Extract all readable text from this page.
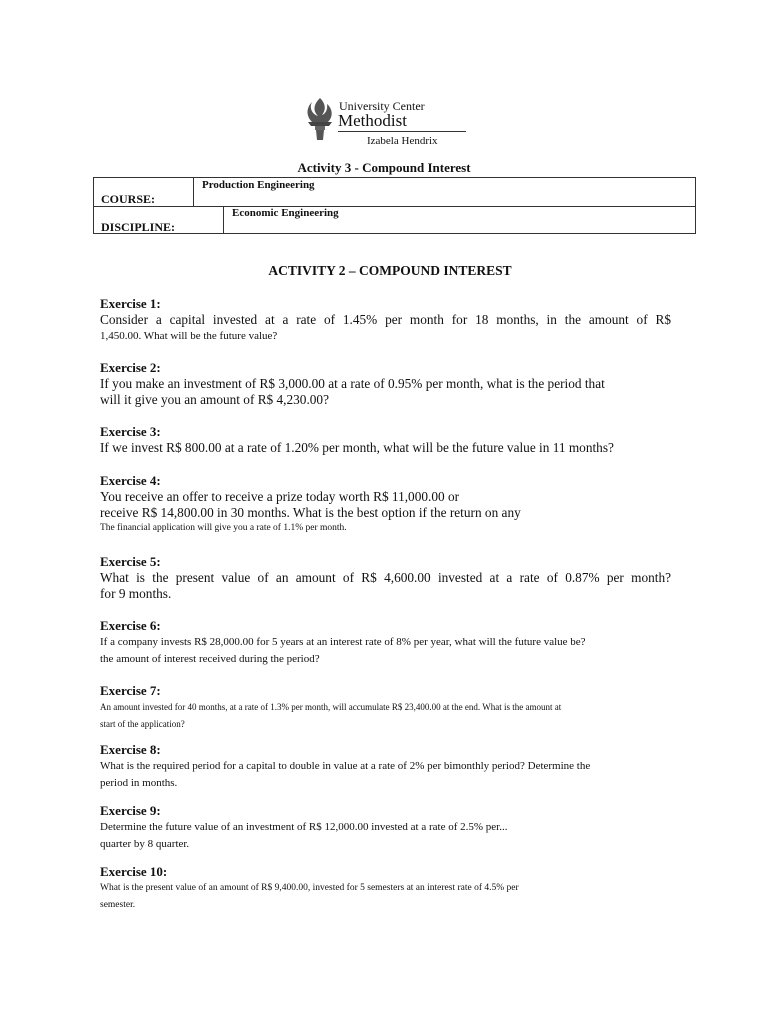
University Center
Methodist
Izabela Hendrix
Activity 3 - Compound Interest
COURSE:
Production Engineering
DISCIPLINE:
Economic Engineering
ACTIVITY 2 – COMPOUND INTEREST
Exercise 1:

Consider a capital invested at a rate of 1.45% per month for 18 months, in the amount of R$

1,450.00. What will be the future value?

Exercise 2:

If you make an investment of R$ 3,000.00 at a rate of 0.95% per month, what is the period that

will it give you an amount of R$ 4,230.00?

Exercise 3:

If we invest R$ 800.00 at a rate of 1.20% per month, what will be the future value in 11 months?

Exercise 4:

You receive an offer to receive a prize today worth R$ 11,000.00 or

receive R$ 14,800.00 in 30 months. What is the best option if the return on any

The financial application will give you a rate of 1.1% per month.

Exercise 5:

What is the present value of an amount of R$ 4,600.00 invested at a rate of 0.87% per month?

for 9 months.

Exercise 6:

If a company invests R$ 28,000.00 for 5 years at an interest rate of 8% per year, what will the future value be?

the amount of interest received during the period?

Exercise 7:

An amount invested for 40 months, at a rate of 1.3% per month, will accumulate R$ 23,400.00 at the end. What is the amount at

start of the application?

Exercise 8:

What is the required period for a capital to double in value at a rate of 2% per bimonthly period? Determine the

period in months.

Exercise 9:

Determine the future value of an investment of R$ 12,000.00 invested at a rate of 2.5% per...

quarter by 8 quarter.

Exercise 10:

What is the present value of an amount of R$ 9,400.00, invested for 5 semesters at an interest rate of 4.5% per

semester.
